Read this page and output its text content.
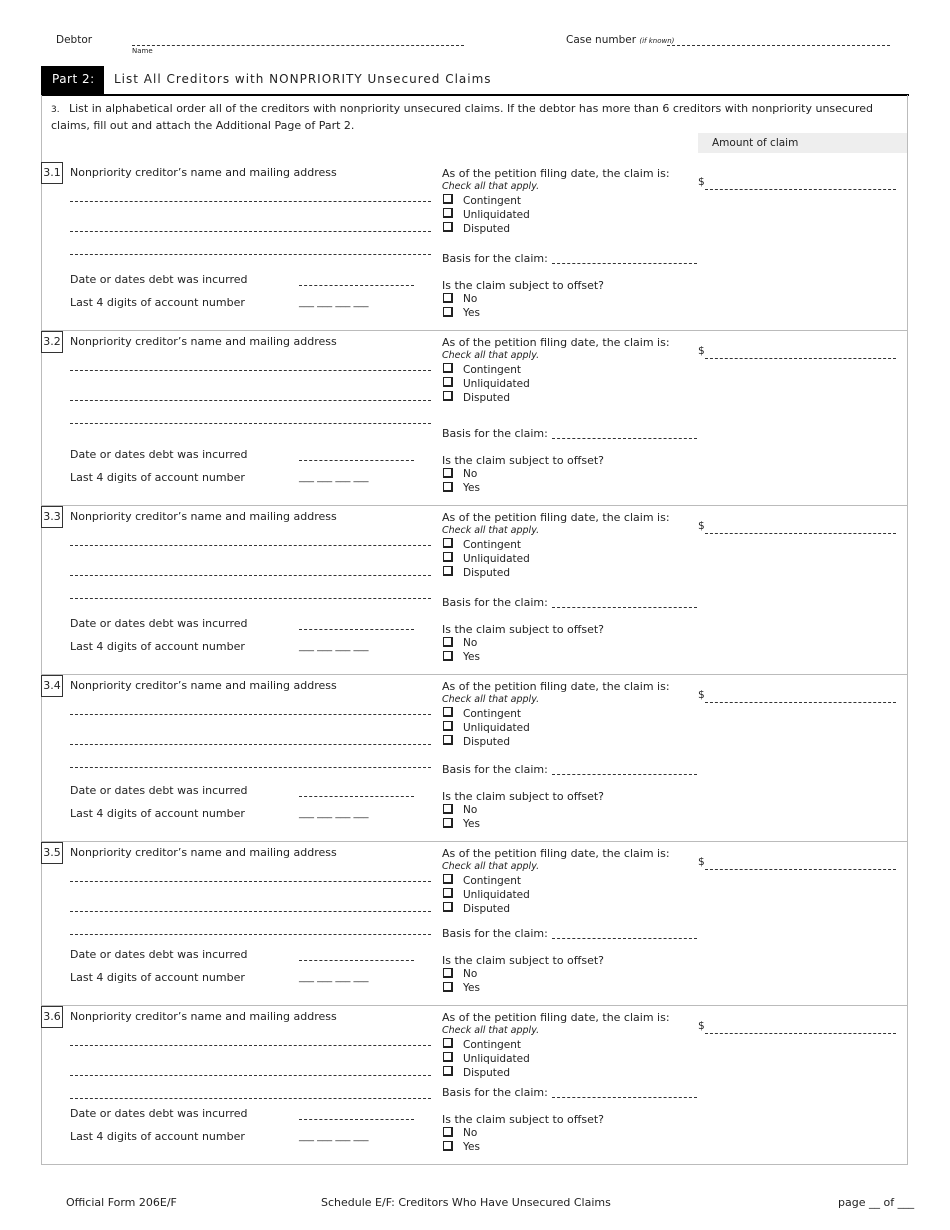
Debtor
Name
Case number (if known)
Part 2:	List All Creditors with NONPRIORITY Unsecured Claims
3. List in alphabetical order all of the creditors with nonpriority unsecured claims. If the debtor has more than 6 creditors with nonpriority unsecured claims, fill out and attach the Additional Page of Part 2.
Amount of claim
3.1 Nonpriority creditor’s name and mailing address
Date or dates debt was incurred
Last 4 digits of account number	___ ___ ___ ___
As of the petition filing date, the claim is:
Check all that apply.
Contingent
Unliquidated
Disputed
Basis for the claim:
Is the claim subject to offset?
No
Yes
$
3.2 Nonpriority creditor’s name and mailing address
Date or dates debt was incurred
Last 4 digits of account number	___ ___ ___ ___
As of the petition filing date, the claim is:
Check all that apply.
Contingent
Unliquidated
Disputed
Basis for the claim:
Is the claim subject to offset?
No
Yes
$
3.3 Nonpriority creditor’s name and mailing address
Date or dates debt was incurred
Last 4 digits of account number	___ ___ ___ ___
As of the petition filing date, the claim is:
Check all that apply.
Contingent
Unliquidated
Disputed
Basis for the claim:
Is the claim subject to offset?
No
Yes
$
3.4 Nonpriority creditor’s name and mailing address
Date or dates debt was incurred
Last 4 digits of account number	___ ___ ___ ___
As of the petition filing date, the claim is:
Check all that apply.
Contingent
Unliquidated
Disputed
Basis for the claim:
Is the claim subject to offset?
No
Yes
$
3.5 Nonpriority creditor’s name and mailing address
Date or dates debt was incurred
Last 4 digits of account number	___ ___ ___ ___
As of the petition filing date, the claim is:
Check all that apply.
Contingent
Unliquidated
Disputed
Basis for the claim:
Is the claim subject to offset?
No
Yes
$
3.6 Nonpriority creditor’s name and mailing address
Date or dates debt was incurred
Last 4 digits of account number	___ ___ ___ ___
As of the petition filing date, the claim is:
Check all that apply.
Contingent
Unliquidated
Disputed
Basis for the claim:
Is the claim subject to offset?
No
Yes
$
Official Form 206E/F	Schedule E/F: Creditors Who Have Unsecured Claims	page __ of ___
